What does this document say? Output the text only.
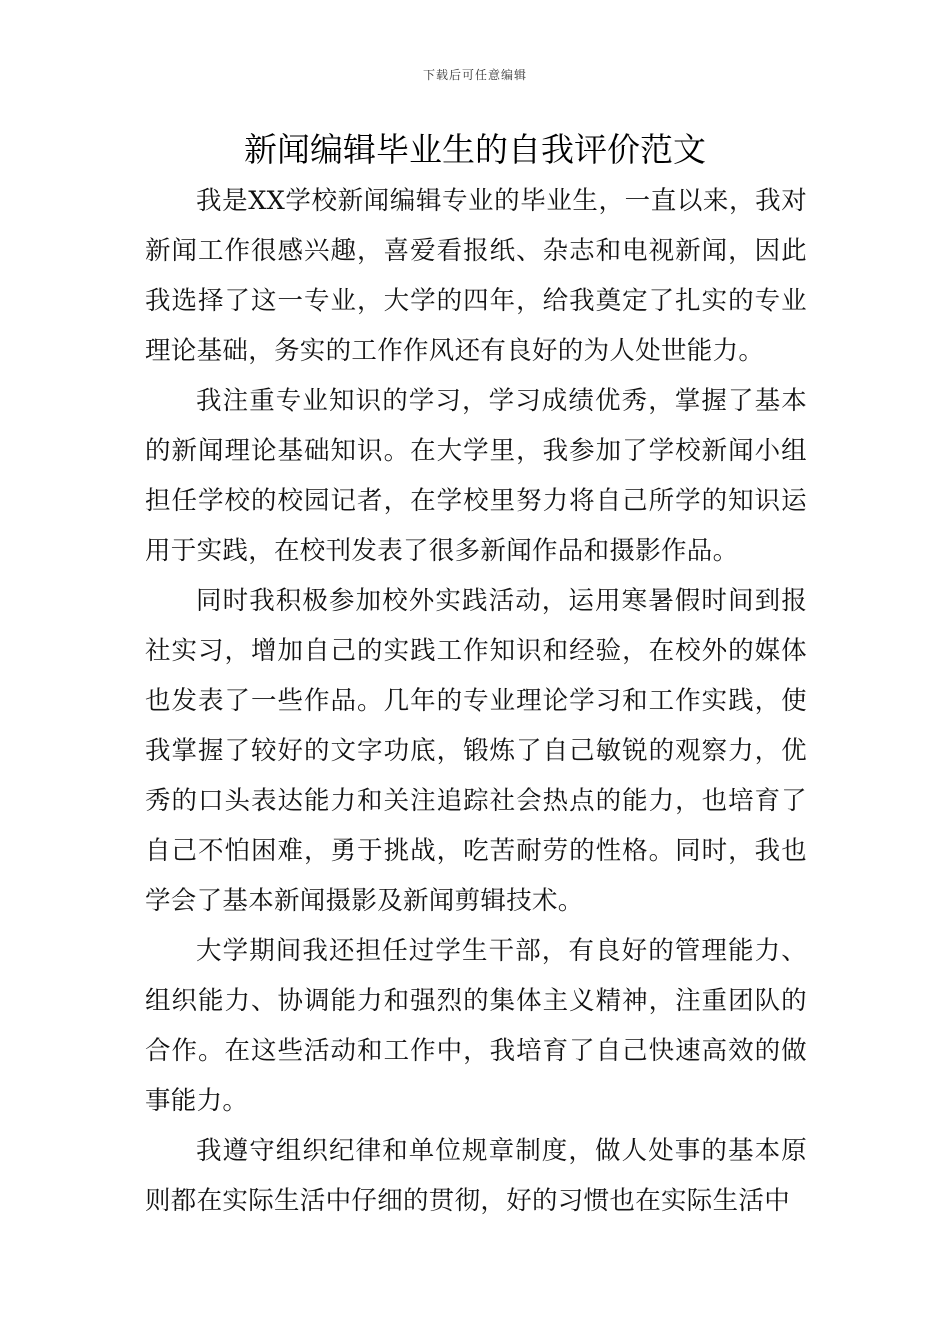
下载后可任意编辑
新闻编辑毕业生的自我评价范文

我是XX学校新闻编辑专业的毕业生，一直以来，我对新闻工作很感兴趣，喜爱看报纸、杂志和电视新闻，因此我选择了这一专业，大学的四年，给我奠定了扎实的专业理论基础，务实的工作作风还有良好的为人处世能力。

我注重专业知识的学习，学习成绩优秀，掌握了基本的新闻理论基础知识。在大学里，我参加了学校新闻小组担任学校的校园记者，在学校里努力将自己所学的知识运用于实践，在校刊发表了很多新闻作品和摄影作品。

同时我积极参加校外实践活动，运用寒暑假时间到报社实习，增加自己的实践工作知识和经验，在校外的媒体也发表了一些作品。几年的专业理论学习和工作实践，使我掌握了较好的文字功底，锻炼了自己敏锐的观察力，优秀的口头表达能力和关注追踪社会热点的能力，也培育了自己不怕困难，勇于挑战，吃苦耐劳的性格。同时，我也学会了基本新闻摄影及新闻剪辑技术。

大学期间我还担任过学生干部，有良好的管理能力、组织能力、协调能力和强烈的集体主义精神，注重团队的合作。在这些活动和工作中，我培育了自己快速高效的做事能力。

我遵守组织纪律和单位规章制度，做人处事的基本原则都在实际生活中仔细的贯彻，好的习惯也在实际生活中
